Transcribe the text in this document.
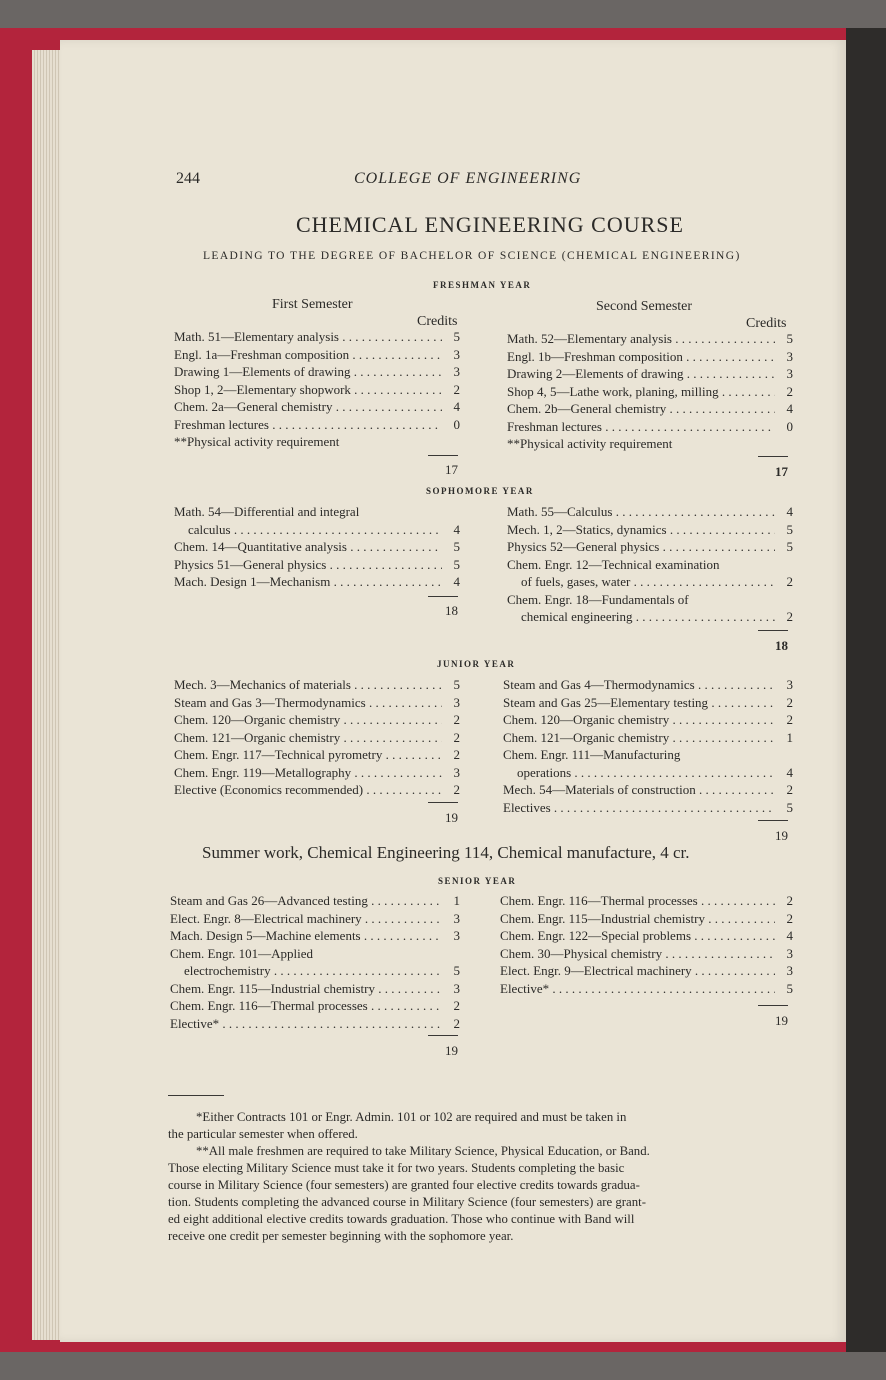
244	COLLEGE OF ENGINEERING
CHEMICAL ENGINEERING COURSE
LEADING TO THE DEGREE OF BACHELOR OF SCIENCE (CHEMICAL ENGINEERING)
FRESHMAN YEAR
First Semester	Second Semester
Credits	Credits
Summer work, Chemical Engineering 114, Chemical manufacture, 4 cr.
*Either Contracts 101 or Engr. Admin. 101 or 102 are required and must be taken in
the particular semester when offered.
**All male freshmen are required to take Military Science, Physical Education, or Band.
Those electing Military Science must take it for two years. Students completing the basic
course in Military Science (four semesters) are granted four elective credits towards gradua-
tion. Students completing the advanced course in Military Science (four semesters) are grant-
ed eight additional elective credits towards graduation. Those who continue with Band will
receive one credit per semester beginning with the sophomore year.
Math. 51—Elementary analysis . . .	5
Engl. 1a—Freshman composition . . .	3
Drawing 1—Elements of drawing . . .	3
Shop 1, 2—Elementary shopwork . . .	2
Chem. 2a—General chemistry . . .	4
Freshman lectures . . .	0
**Physical activity requirement
Math. 52—Elementary analysis . . .	5
Engl. 1b—Freshman composition . . .	3
Drawing 2—Elements of drawing . . .	3
Shop 4, 5—Lathe work, planing, milling . . .	2
Chem. 2b—General chemistry . . .	4
Freshman lectures . . .	0
**Physical activity requirement
17	17
SOPHOMORE YEAR
Math. 54—Differential and integral
calculus . . .	4
Chem. 14—Quantitative analysis . . .	5
Physics 51—General physics . . .	5
Mach. Design 1—Mechanism . . .	4
Math. 55—Calculus . . .	4
Mech. 1, 2—Statics, dynamics . . .	5
Physics 52—General physics . . .	5
Chem. Engr. 12—Technical examination
of fuels, gases, water . . .	2
Chem. Engr. 18—Fundamentals of
chemical engineering . . .	2
18
18
JUNIOR YEAR
Mech. 3—Mechanics of materials . . .	5
Steam and Gas 3—Thermodynamics . . .	3
Chem. 120—Organic chemistry . . .	2
Chem. 121—Organic chemistry . . .	2
Chem. Engr. 117—Technical pyrometry . . .	2
Chem. Engr. 119—Metallography . . .	3
Elective (Economics recommended) . . .	2
Steam and Gas 4—Thermodynamics . . .	3
Steam and Gas 25—Elementary testing . . .	2
Chem. 120—Organic chemistry . . .	2
Chem. 121—Organic chemistry . . .	1
Chem. Engr. 111—Manufacturing
operations . . .	4
Mech. 54—Materials of construction . . .	2
Electives . . .	5
19
19
SENIOR YEAR
Steam and Gas 26—Advanced testing . . .	1
Elect. Engr. 8—Electrical machinery . . .	3
Mach. Design 5—Machine elements . . .	3
Chem. Engr. 101—Applied
electrochemistry . . .	5
Chem. Engr. 115—Industrial chemistry . . .	3
Chem. Engr. 116—Thermal processes . . .	2
Elective* . . .	2
Chem. Engr. 116—Thermal processes . . .	2
Chem. Engr. 115—Industrial chemistry . . .	2
Chem. Engr. 122—Special problems . . .	4
Chem. 30—Physical chemistry . . .	3
Elect. Engr. 9—Electrical machinery . . .	3
Elective* . . .	5
19
19
